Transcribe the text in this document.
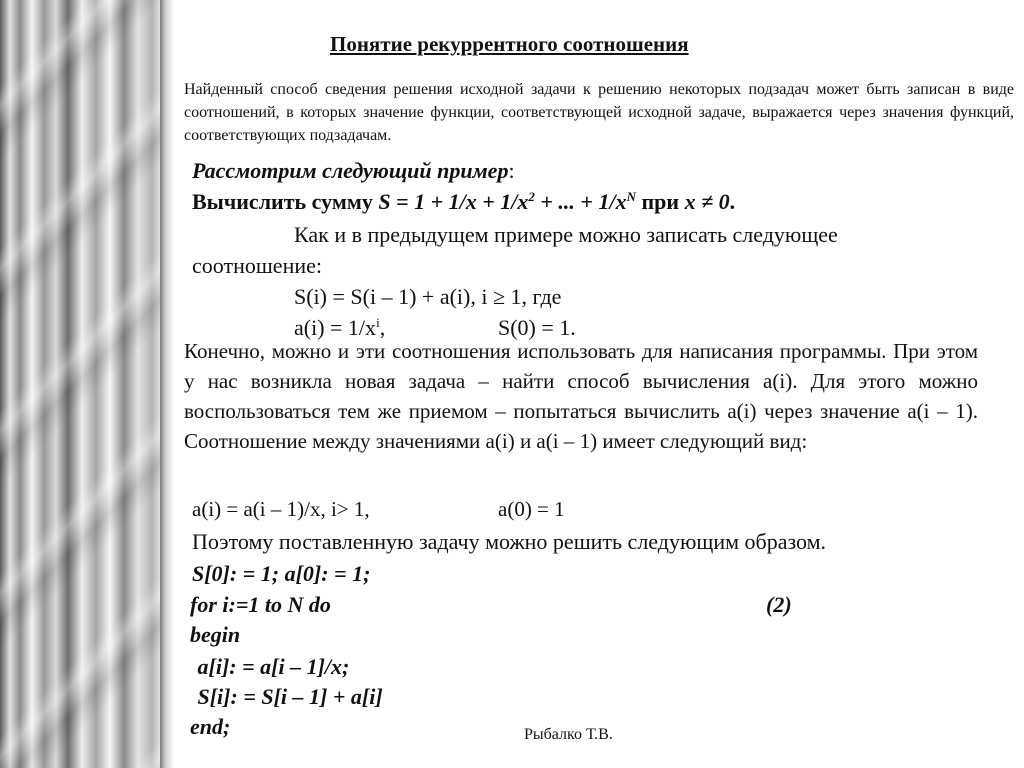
Понятие рекуррентного соотношения
Найденный способ сведения решения исходной задачи к решению некоторых подзадач может быть записан в виде соотношений, в которых значение функции, соответствующей исходной задаче, выражается через значения функций, соответствующих подзадачам.
Рассмотрим следующий пример:
Вычислить сумму $S = 1 + 1/x + 1/x^2$ + ... + $1/x^N$ при x ≠ 0.
Как и в предыдущем примере можно записать следующее
соотношение:
S(i) = S(i – 1) + a(i), i ≥ 1, где
$a(i) = 1/x^i$,	S(0) = 1.
Конечно, можно и эти соотношения использовать для написания программы. При этом у нас возникла новая задача – найти способ вычисления a(i). Для этого можно воспользоваться тем же приемом – попытаться вычислить a(i) через значение a(i – 1). Соотношение между значениями a(i) и a(i – 1) имеет следующий вид:
a(i) = a(i – 1)/x, i> 1,	a(0) = 1
Поэтому поставленную задачу можно решить следующим образом.
S[0]: = 1; a[0]: = 1;
for i:=1 to N do	(2)
begin
a[i]: = a[i – 1]/x;
S[i]: = S[i – 1] + a[i]
end;	Рыбалко Т.В.
